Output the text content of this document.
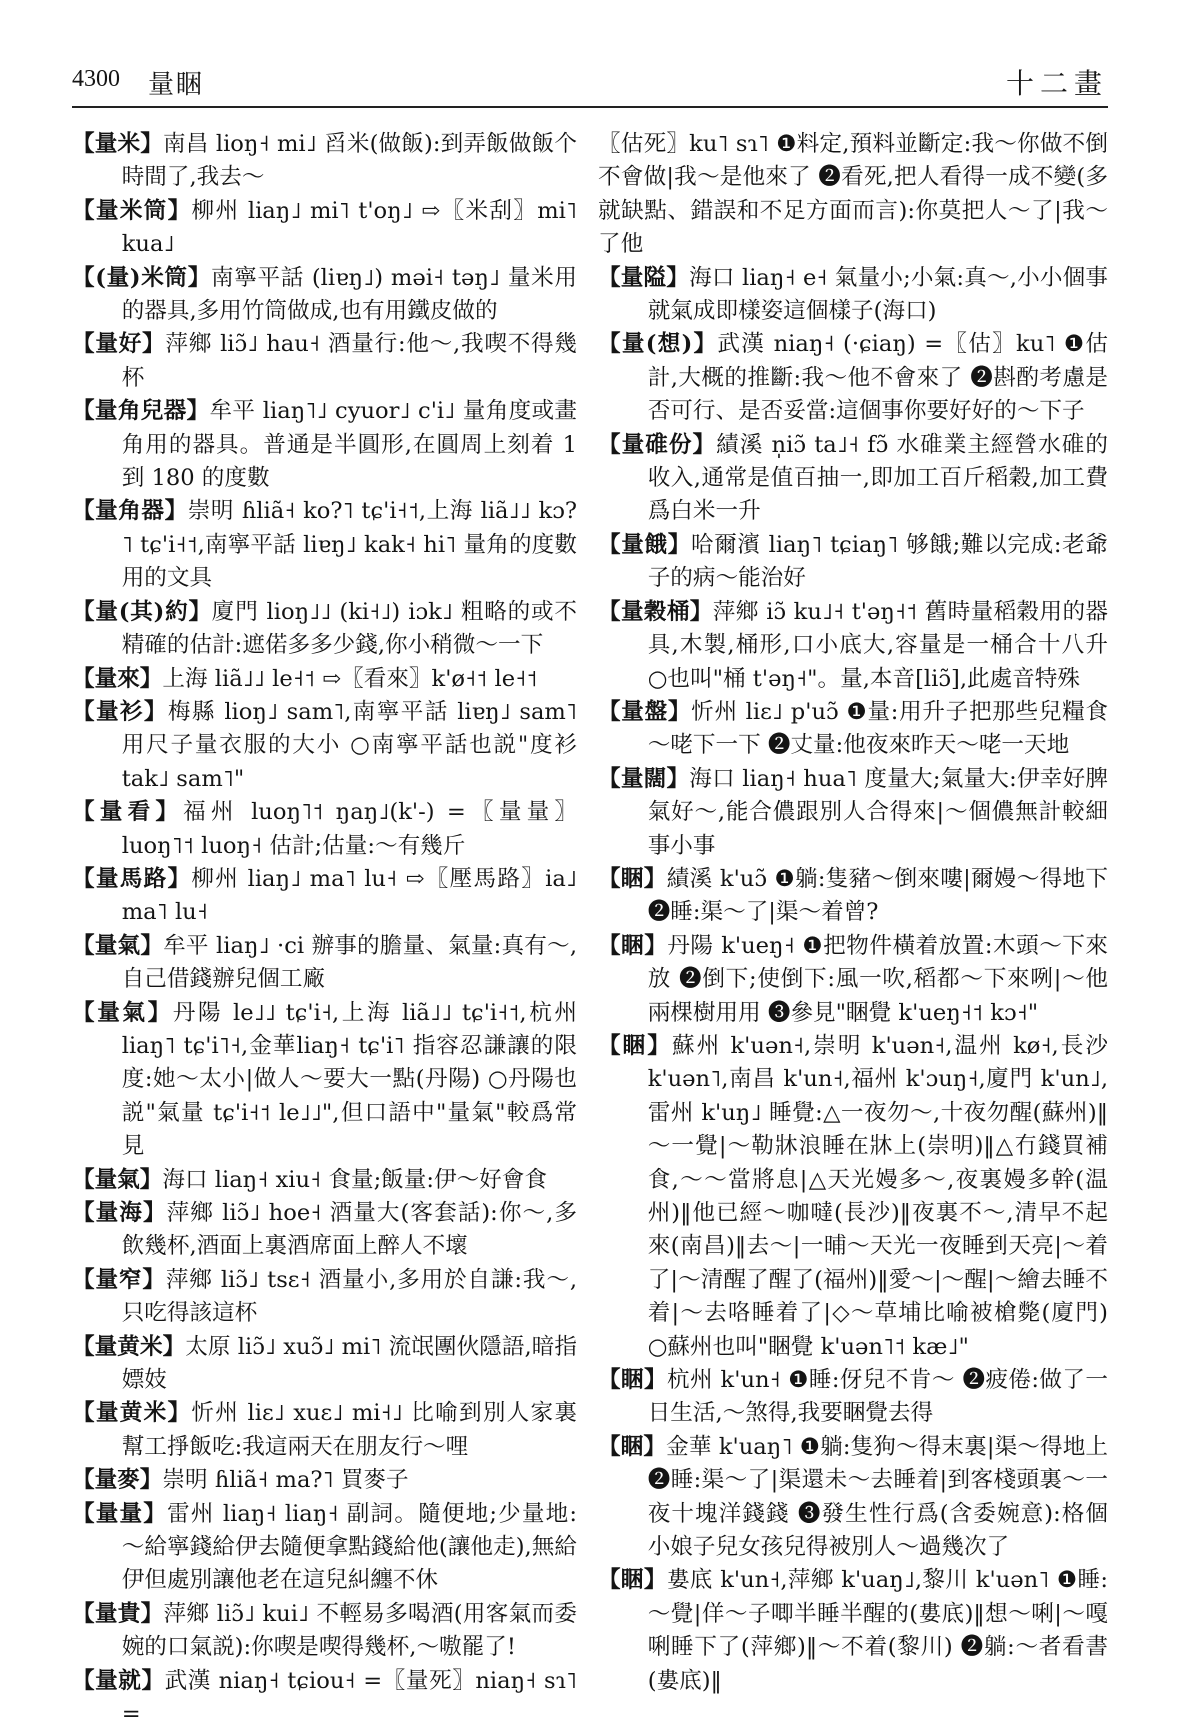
4300 量睏	十二畫
【量米】南昌 lioŋ˧ mi˩ 舀米(做飯):到弄飯做飯个時間了,我去～
【量米筒】柳州 liaŋ˩ mi˥ t'oŋ˩ ⇨〖米刮〗mi˥ kua˩
【(量)米筒】南寧平話 (liɐŋ˩) məi˧ təŋ˩ 量米用的器具,多用竹筒做成,也有用鐵皮做的
【量好】萍鄉 liɔ̃˩ hau˧ 酒量行:他～,我喫不得幾杯
【量角兒器】牟平 liaŋ˥˩ cyuor˩ c'i˩ 量角度或畫角用的器具。普通是半圓形,在圓周上刻着 1 到 180 的度數
【量角器】崇明 ɦliã˧ ko?˥ tɕ'i˧˦,上海 liã˩˩ kɔ?˥ tɕ'i˧˦,南寧平話 liɐŋ˩ kak˧ hi˥ 量角的度數用的文具
【量(其)約】廈門 lioŋ˩˩ (ki˧˩) iɔk˩ 粗略的或不精確的估計:遮偌多多少錢,你小稍微～一下
【量來】上海 liã˩˩ le˧˦ ⇨〖看來〗k'ø˧˦ le˧˦
【量衫】梅縣 lioŋ˩ sam˥,南寧平話 liɐŋ˩ sam˥ 用尺子量衣服的大小 ○南寧平話也説"度衫 tak˩ sam˥"
【量看】福州 luoŋ˥˦ ŋaŋ˩(k'-) =〖量量〗luoŋ˥˦ luoŋ˧ 估計;估量:～有幾斤
【量馬路】柳州 liaŋ˩ ma˥ lu˧ ⇨〖壓馬路〗ia˩ ma˥ lu˧
【量氣】牟平 liaŋ˩ ·ci 辦事的膽量、氣量:真有～,自己借錢辦兒個工廠
【量氣】丹陽 le˩˩ tɕ'i˧,上海 liã˩˩ tɕ'i˧˦,杭州 liaŋ˥ tɕ'i˥˧,金華liaŋ˧ tɕ'i˥ 指容忍謙讓的限度:她～太小|做人～要大一點(丹陽) ○丹陽也説"氣量 tɕ'i˧˦ le˩˩",但口語中"量氣"較爲常見
【量氣】海口 liaŋ˧ xiu˧ 食量;飯量:伊～好會食
【量海】萍鄉 liɔ̃˩ hoe˧ 酒量大(客套話):你～,多飲幾杯,酒面上裏酒席面上醉人不壞
【量窄】萍鄉 liɔ̃˩ tsɛ˧ 酒量小,多用於自謙:我～,只吃得該這杯
【量黄米】太原 liɔ̃˩ xuɔ̃˩ mi˥ 流氓團伙隱語,暗指嫖妓
【量黄米】忻州 liɛ˩ xuɛ˩ mi˧˩ 比喻到別人家裏幫工掙飯吃:我這兩天在朋友行～哩
【量麥】崇明 ɦliã˧ ma?˥ 買麥子
【量量】雷州 liaŋ˧ liaŋ˧ 副詞。隨便地;少量地:～給寧錢給伊去隨便拿點錢給他(讓他走),無給伊但處別讓他老在這兒糾纏不休
【量貴】萍鄉 liɔ̃˩ kui˩ 不輕易多喝酒(用客氣而委婉的口氣説):你喫是喫得幾杯,～嗷罷了!
【量就】武漢 niaŋ˧ tɕiou˧ =〖量死〗niaŋ˧ sɿ˥ =
〖估死〗ku˥ sɿ˥ ❶料定,預料並斷定:我～你做不倒不會做|我～是他來了 ❷看死,把人看得一成不變(多就缺點、錯誤和不足方面而言):你莫把人～了|我～了他
【量隘】海口 liaŋ˧ e˧ 氣量小;小氣:真～,小小個事就氣成即樣姿這個樣子(海口)
【量(想)】武漢 niaŋ˧ (·ɕiaŋ) =〖估〗ku˥ ❶估計,大概的推斷:我～他不會來了 ❷斟酌考慮是否可行、是否妥當:這個事你要好好的～下子
【量碓份】績溪 n̩iɔ̃ ta˩˧ fɔ̃ 水碓業主經營水碓的收入,通常是值百抽一,即加工百斤稻穀,加工費爲白米一升
【量餓】哈爾濱 liaŋ˥ tɕiaŋ˥ 够餓;難以完成:老爺子的病～能治好
【量穀桶】萍鄉 iɔ̃ ku˩˧ t'əŋ˧˦ 舊時量稻穀用的器具,木製,桶形,口小底大,容量是一桶合十八升 ○也叫"桶 t'əŋ˧"。量,本音[liɔ̃],此處音特殊
【量盤】忻州 liɛ˩ p'uɔ̃ ❶量:用升子把那些兒糧食～咾下一下 ❷丈量:他夜來昨天～咾一天地
【量闊】海口 liaŋ˧ hua˥ 度量大;氣量大:伊幸好脾氣好～,能合儂跟別人合得來|～個儂無計較細事小事
【睏】績溪 k'uɔ̃ ❶躺:隻豬～倒來嘍|爾嫚～得地下 ❷睡:渠～了|渠～着曾?
【睏】丹陽 k'ueŋ˧ ❶把物件橫着放置:木頭～下來放 ❷倒下;使倒下:風一吹,稻都～下來咧|～他兩棵樹用用 ❸參見"睏覺 k'ueŋ˧˦ kɔ˧"
【睏】蘇州 k'uən˧,崇明 k'uən˧,温州 kø˧,長沙 k'uən˥,南昌 k'un˧,福州 k'ɔuŋ˧,廈門 k'un˩,雷州 k'uŋ˩ 睡覺:△一夜勿～,十夜勿醒(蘇州)‖～一覺|～勒牀浪睡在牀上(崇明)‖△冇錢買補食,～～當將息|△天光嫚多～,夜裏嫚多幹(温州)‖他已經～咖噠(長沙)‖夜裏不～,清早不起來(南昌)‖去～|一晡～天光一夜睡到天亮|～着了|～清醒了醒了(福州)‖愛～|～醒|～繪去睡不着|～去咯睡着了|◇～草埔比喻被槍斃(廈門) ○蘇州也叫"睏覺 k'uən˥˦ kæ˩"
【睏】杭州 k'un˧ ❶睡:伢兒不肯～ ❷疲倦:做了一日生活,～煞得,我要睏覺去得
【睏】金華 k'uaŋ˥ ❶躺:隻狗～得末裏|渠～得地上 ❷睡:渠～了|渠還未～去睡着|到客棧頭裏～一夜十塊洋錢錢 ❸發生性行爲(含委婉意):格個小娘子兒女孩兒得被別人～過幾次了
【睏】婁底 k'un˧,萍鄉 k'uaŋ˩,黎川 k'uən˥ ❶睡:～覺|佯～子唧半睡半醒的(婁底)‖想～唎|～嘎唎睡下了(萍鄉)‖～不着(黎川) ❷躺:～者看書(婁底)‖
